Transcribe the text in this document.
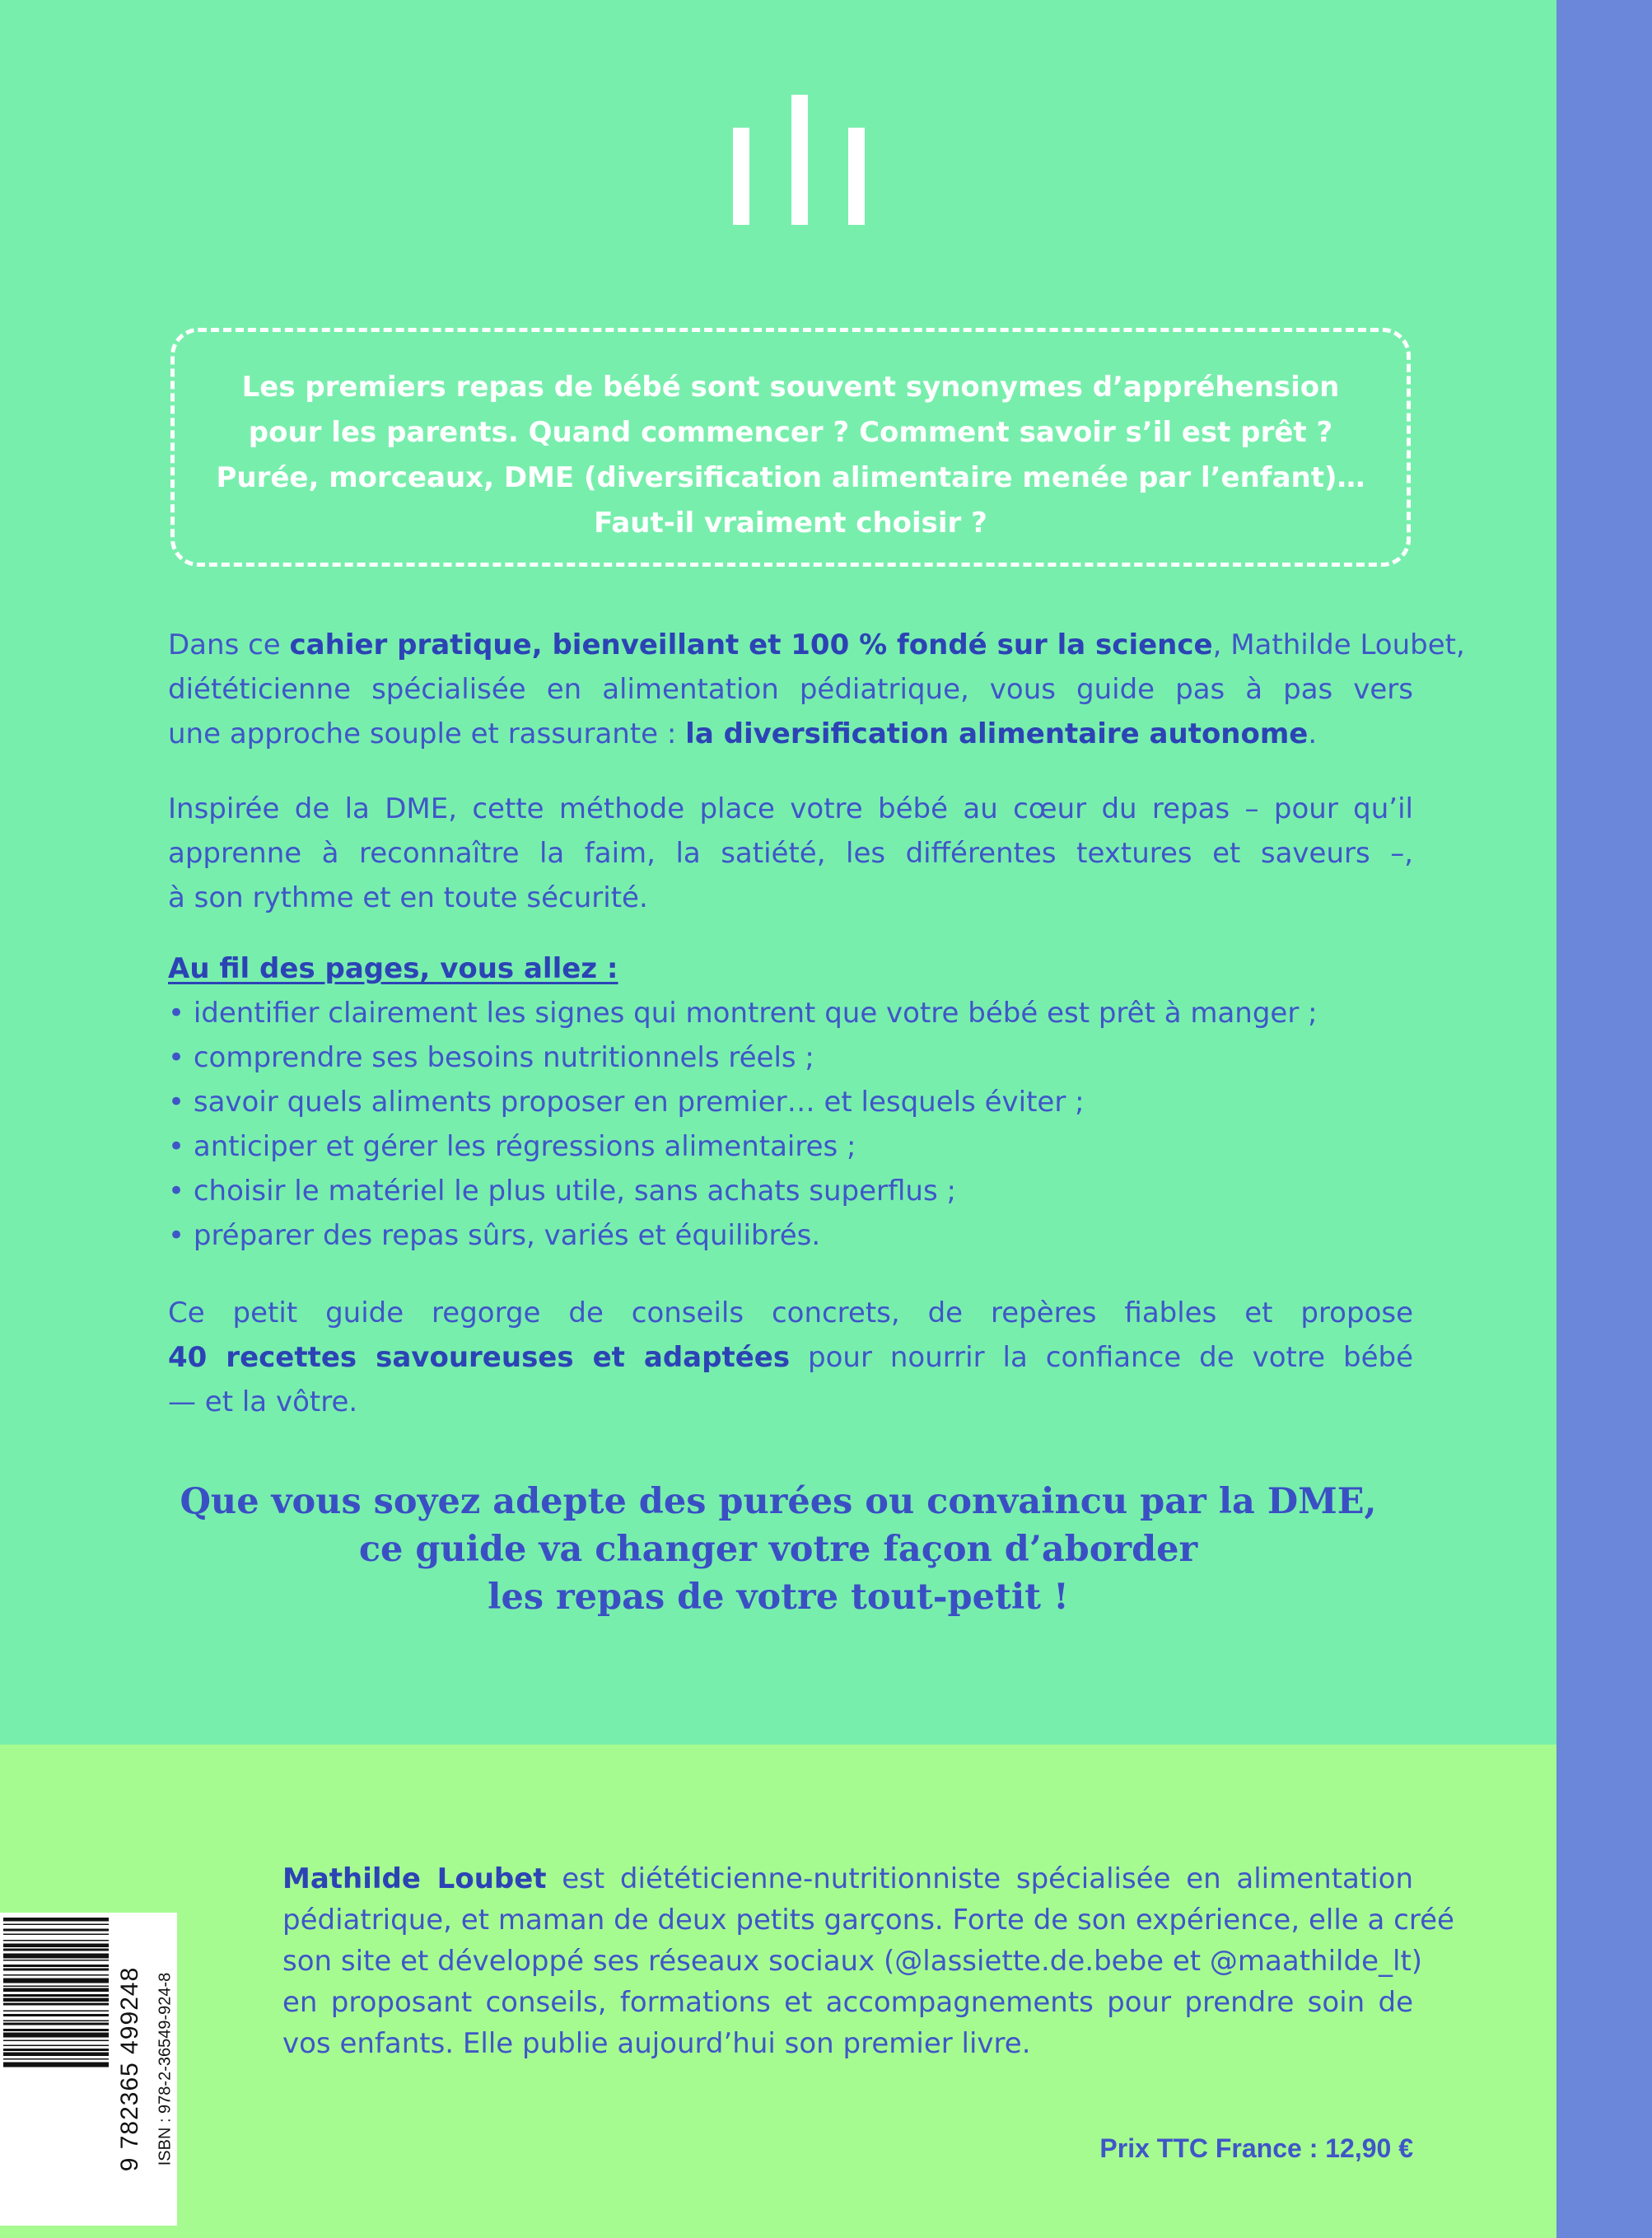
Les premiers repas de bébé sont souvent synonymes d’appréhension
pour les parents. Quand commencer ? Comment savoir s’il est prêt ?
Purée, morceaux, DME (diversification alimentaire menée par l’enfant)…
Faut-il vraiment choisir ?
Dans ce cahier pratique, bienveillant et 100 % fondé sur la science, Mathilde Loubet,
diététicienne spécialisée en alimentation pédiatrique, vous guide pas à pas vers
une approche souple et rassurante : la diversification alimentaire autonome.
Inspirée de la DME, cette méthode place votre bébé au cœur du repas – pour qu’il
apprenne à reconnaître la faim, la satiété, les différentes textures et saveurs –,
à son rythme et en toute sécurité.
Au fil des pages, vous allez :
• identifier clairement les signes qui montrent que votre bébé est prêt à manger ;
• comprendre ses besoins nutritionnels réels ;
• savoir quels aliments proposer en premier… et lesquels éviter ;
• anticiper et gérer les régressions alimentaires ;
• choisir le matériel le plus utile, sans achats superflus ;
• préparer des repas sûrs, variés et équilibrés.
Ce petit guide regorge de conseils concrets, de repères fiables et propose
40 recettes savoureuses et adaptées pour nourrir la confiance de votre bébé
— et la vôtre.
Que vous soyez adepte des purées ou convaincu par la DME,
ce guide va changer votre façon d’aborder
les repas de votre tout-petit !
Mathilde Loubet est diététicienne-nutritionniste spécialisée en alimentation
pédiatrique, et maman de deux petits garçons. Forte de son expérience, elle a créé
son site et développé ses réseaux sociaux (@lassiette.de.bebe et @maathilde_lt)
en proposant conseils, formations et accompagnements pour prendre soin de
vos enfants. Elle publie aujourd’hui son premier livre.
9 782365 499248 ISBN : 978-2-36549-924-8	Prix TTC France : 12,90 €
